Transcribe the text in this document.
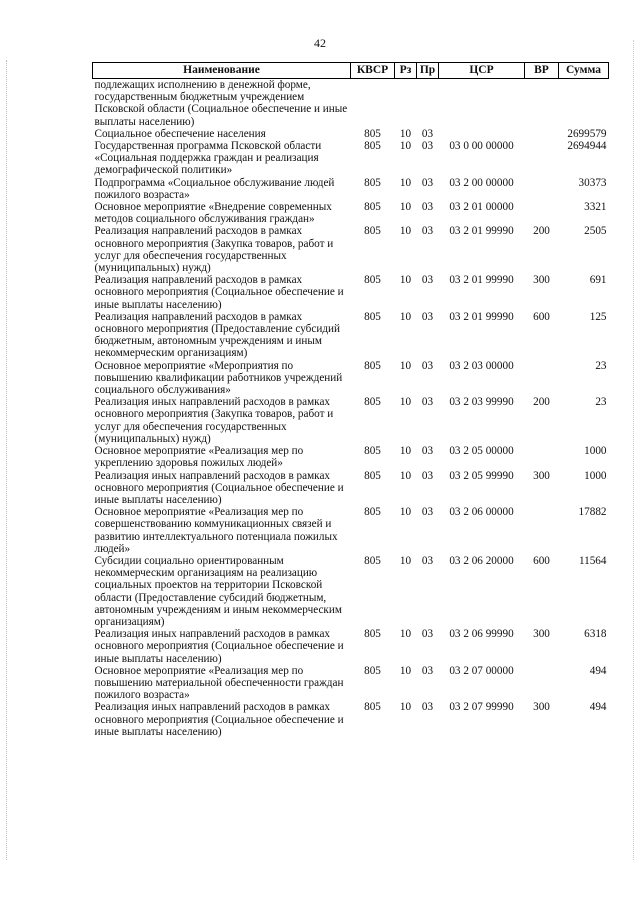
42
Наименование	КВСР	Рз	Пр	ЦСР	ВР	Сумма
подлежащих исполнению в денежной форме, государственным бюджетным учреждением Псковской области (Социальное обеспечение и иные выплаты населению)						
Социальное обеспечение населения	805	10	03			2699579
Государственная программа Псковской области «Социальная поддержка граждан и реализация демографической политики»	805	10	03	03 0 00 00000		2694944
Подпрограмма «Социальное обслуживание людей пожилого возраста»	805	10	03	03 2 00 00000		30373
Основное мероприятие «Внедрение современных методов социального обслуживания граждан»	805	10	03	03 2 01 00000		3321
Реализация направлений расходов в рамках основного мероприятия (Закупка товаров, работ и услуг для обеспечения государственных (муниципальных) нужд)	805	10	03	03 2 01 99990	200	2505
Реализация направлений расходов в рамках основного мероприятия (Социальное обеспечение и иные выплаты населению)	805	10	03	03 2 01 99990	300	691
Реализация направлений расходов в рамках основного мероприятия (Предоставление субсидий бюджетным, автономным учреждениям и иным некоммерческим организациям)	805	10	03	03 2 01 99990	600	125
Основное мероприятие «Мероприятия по повышению квалификации работников учреждений социального обслуживания»	805	10	03	03 2 03 00000		23
Реализация иных направлений расходов в рамках основного мероприятия (Закупка товаров, работ и услуг для обеспечения государственных (муниципальных) нужд)	805	10	03	03 2 03 99990	200	23
Основное мероприятие «Реализация мер по укреплению здоровья пожилых людей»	805	10	03	03 2 05 00000		1000
Реализация иных направлений расходов в рамках основного мероприятия (Социальное обеспечение и иные выплаты населению)	805	10	03	03 2 05 99990	300	1000
Основное мероприятие «Реализация мер по совершенствованию коммуникационных связей и развитию интеллектуального потенциала пожилых людей»	805	10	03	03 2 06 00000		17882
Субсидии социально ориентированным некоммерческим организациям на реализацию социальных проектов на территории Псковской области (Предоставление субсидий бюджетным, автономным учреждениям и иным некоммерческим организациям)	805	10	03	03 2 06 20000	600	11564
Реализация иных направлений расходов в рамках основного мероприятия (Социальное обеспечение и иные выплаты населению)	805	10	03	03 2 06 99990	300	6318
Основное мероприятие «Реализация мер по повышению материальной обеспеченности граждан пожилого возраста»	805	10	03	03 2 07 00000		494
Реализация иных направлений расходов в рамках основного мероприятия (Социальное обеспечение и иные выплаты населению)	805	10	03	03 2 07 99990	300	494
